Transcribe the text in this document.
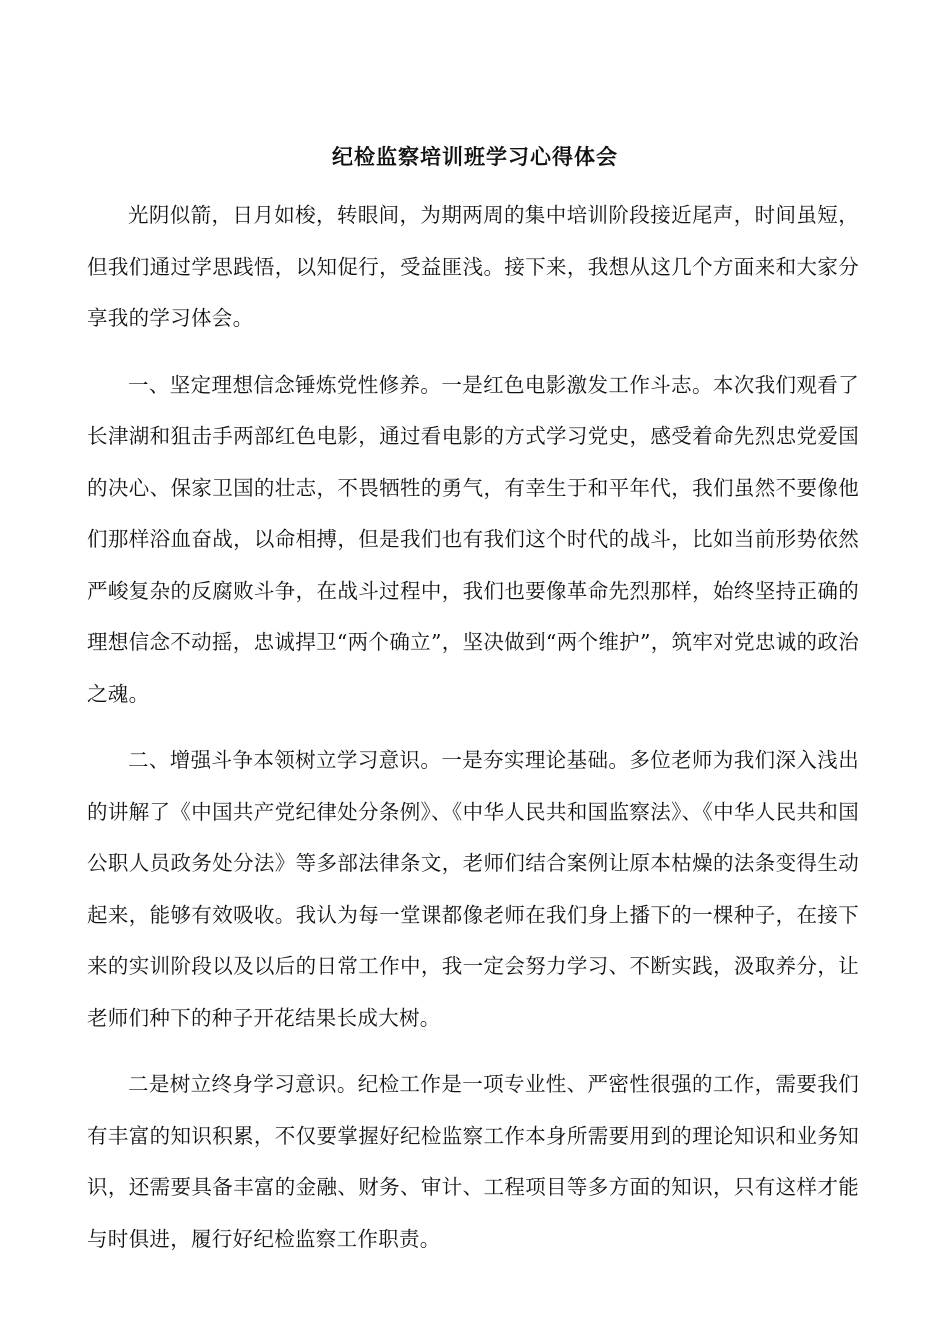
纪检监察培训班学习心得体会

光阴似箭，日月如梭，转眼间，为期两周的集中培训阶段接近尾声，时间虽短，但我们通过学思践悟，以知促行，受益匪浅。接下来，我想从这几个方面来和大家分享我的学习体会。

一、坚定理想信念锤炼党性修养。一是红色电影激发工作斗志。本次我们观看了长津湖和狙击手两部红色电影，通过看电影的方式学习党史，感受着命先烈忠党爱国的决心、保家卫国的壮志，不畏牺牲的勇气，有幸生于和平年代，我们虽然不要像他们那样浴血奋战，以命相搏，但是我们也有我们这个时代的战斗，比如当前形势依然严峻复杂的反腐败斗争，在战斗过程中，我们也要像革命先烈那样，始终坚持正确的理想信念不动摇，忠诚捍卫“两个确立”，坚决做到“两个维护”，筑牢对党忠诚的政治之魂。

二、增强斗争本领树立学习意识。一是夯实理论基础。多位老师为我们深入浅出的讲解了《中国共产党纪律处分条例》、《中华人民共和国监察法》、《中华人民共和国公职人员政务处分法》等多部法律条文，老师们结合案例让原本枯燥的法条变得生动起来，能够有效吸收。我认为每一堂课都像老师在我们身上播下的一棵种子，在接下来的实训阶段以及以后的日常工作中，我一定会努力学习、不断实践，汲取养分，让老师们种下的种子开花结果长成大树。

二是树立终身学习意识。纪检工作是一项专业性、严密性很强的工作，需要我们有丰富的知识积累，不仅要掌握好纪检监察工作本身所需要用到的理论知识和业务知识，还需要具备丰富的金融、财务、审计、工程项目等多方面的知识，只有这样才能与时俱进，履行好纪检监察工作职责。
